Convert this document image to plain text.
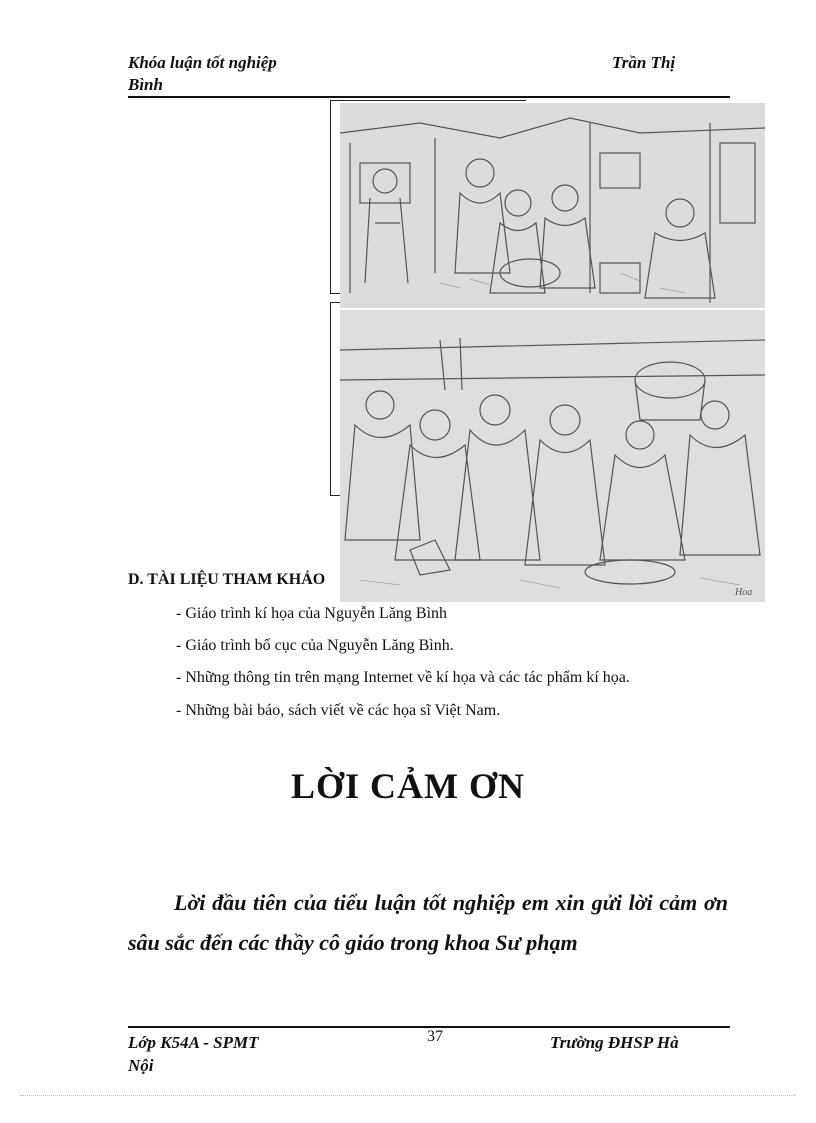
Khóa luận tốt nghiệp
Bình
Trần Thị
Hoa
D. TÀI LIỆU THAM KHẢO
- Giáo trình kí họa của Nguyễn Lăng Bình
- Giáo trình bố cục của Nguyễn Lăng Bình.
- Những thông tin trên mạng Internet về kí họa và các tác phẩm kí họa.
- Những bài báo, sách viết về các họa sĩ Việt Nam.
LỜI CẢM ƠN
Lời đầu tiên của tiểu luận tốt nghiệp em xin gửi lời cảm ơn sâu sắc đến các thầy cô giáo trong khoa Sư phạm
Lớp K54A - SPMT
Nội
37	Trường ĐHSP Hà
